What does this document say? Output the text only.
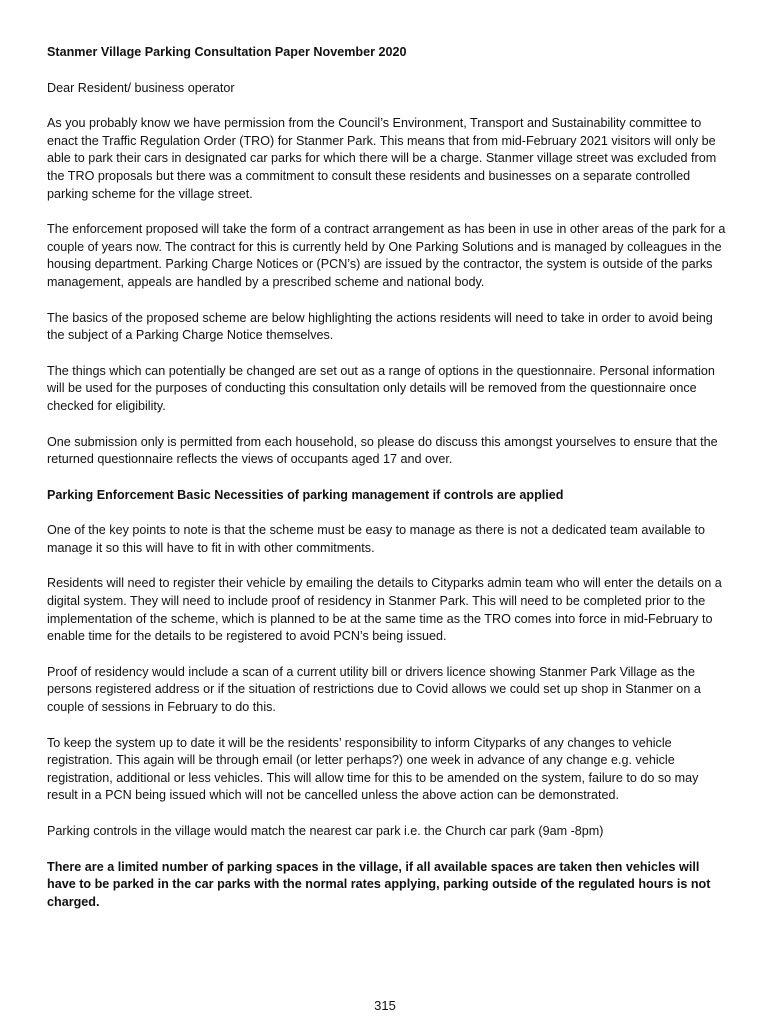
Stanmer Village Parking Consultation Paper November 2020

Dear Resident/ business operator

As you probably know we have permission from the Council’s Environment, Transport and Sustainability committee to enact the Traffic Regulation Order (TRO) for Stanmer Park. This means that from mid-February 2021 visitors will only be able to park their cars in designated car parks for which there will be a charge. Stanmer village street was excluded from the TRO proposals but there was a commitment to consult these residents and businesses on a separate controlled parking scheme for the village street.

The enforcement proposed will take the form of a contract arrangement as has been in use in other areas of the park for a couple of years now. The contract for this is currently held by One Parking Solutions and is managed by colleagues in the housing department. Parking Charge Notices or (PCN’s) are issued by the contractor, the system is outside of the parks management, appeals are handled by a prescribed scheme and national body.

The basics of the proposed scheme are below highlighting the actions residents will need to take in order to avoid being the subject of a Parking Charge Notice themselves.

The things which can potentially be changed are set out as a range of options in the questionnaire. Personal information will be used for the purposes of conducting this consultation only details will be removed from the questionnaire once checked for eligibility.

One submission only is permitted from each household, so please do discuss this amongst yourselves to ensure that the returned questionnaire reflects the views of occupants aged 17 and over.

Parking Enforcement Basic Necessities of parking management if controls are applied

One of the key points to note is that the scheme must be easy to manage as there is not a dedicated team available to manage it so this will have to fit in with other commitments.

Residents will need to register their vehicle by emailing the details to Cityparks admin team who will enter the details on a digital system. They will need to include proof of residency in Stanmer Park. This will need to be completed prior to the implementation of the scheme, which is planned to be at the same time as the TRO comes into force in mid-February to enable time for the details to be registered to avoid PCN’s being issued.

Proof of residency would include a scan of a current utility bill or drivers licence showing Stanmer Park Village as the persons registered address or if the situation of restrictions due to Covid allows we could set up shop in Stanmer on a couple of sessions in February to do this.

To keep the system up to date it will be the residents’ responsibility to inform Cityparks of any changes to vehicle registration. This again will be through email (or letter perhaps?) one week in advance of any change e.g. vehicle registration, additional or less vehicles. This will allow time for this to be amended on the system, failure to do so may result in a PCN being issued which will not be cancelled unless the above action can be demonstrated.

Parking controls in the village would match the nearest car park i.e. the Church car park (9am -8pm)

There are a limited number of parking spaces in the village, if all available spaces are taken then vehicles will have to be parked in the car parks with the normal rates applying, parking outside of the regulated hours is not charged.

315
